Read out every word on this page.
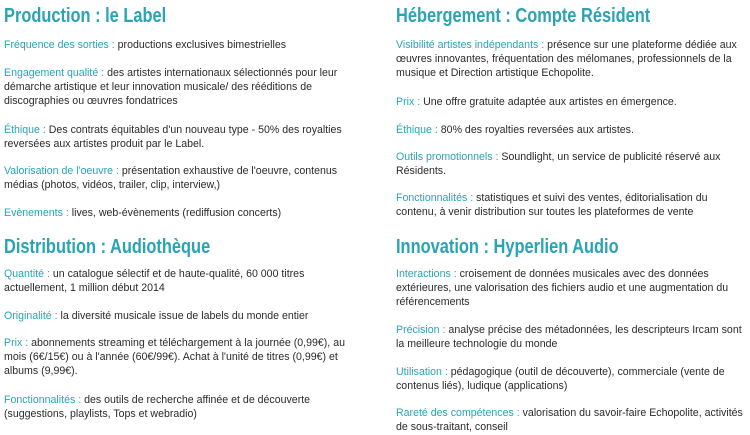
Production : le Label

Fréquence des sorties : productions exclusives bimestrielles

Engagement qualité : des artistes internationaux sélectionnés pour leur démarche artistique et leur innovation musicale/ des rééditions de discographies ou œuvres fondatrices

Éthique : Des contrats équitables d'un nouveau type - 50% des royalties reversées aux artistes produit par le Label.

Valorisation de l'oeuvre : présentation exhaustive de l'oeuvre, contenus médias (photos, vidéos, trailer, clip, interview,)

Evènements : lives, web-évènements (rediffusion concerts)

Hébergement : Compte Résident

Visibilité artistes indépendants : présence sur une plateforme dédiée aux œuvres innovantes, fréquentation des mélomanes, professionnels de la musique et Direction artistique Echopolite.

Prix : Une offre gratuite adaptée aux artistes en émergence.

Éthique : 80% des royalties reversées aux artistes.

Outils promotionnels : Soundlight, un service de publicité réservé aux Résidents.

Fonctionnalités : statistiques et suivi des ventes, éditorialisation du contenu, à venir distribution sur toutes les plateformes de vente

Distribution : Audiothèque

Quantité : un catalogue sélectif et de haute-qualité, 60 000 titres actuellement, 1 million début 2014

Originalité : la diversité musicale issue de labels du monde entier

Prix : abonnements streaming et téléchargement à la journée (0,99€), au mois (6€/15€) ou à l'année (60€/99€). Achat à l'unité de titres (0,99€) et albums (9,99€).

Fonctionnalités : des outils de recherche affinée et de découverte (suggestions, playlists, Tops et webradio)

Innovation : Hyperlien Audio

Interactions : croisement de données musicales avec des données extérieures, une valorisation des fichiers audio et une augmentation du référencements

Précision : analyse précise des métadonnées, les descripteurs Ircam sont la meilleure technologie du monde

Utilisation : pédagogique (outil de découverte), commerciale (vente de contenus liés), ludique (applications)

Rareté des compétences : valorisation du savoir-faire Echopolite, activités de sous-traitant, conseil
